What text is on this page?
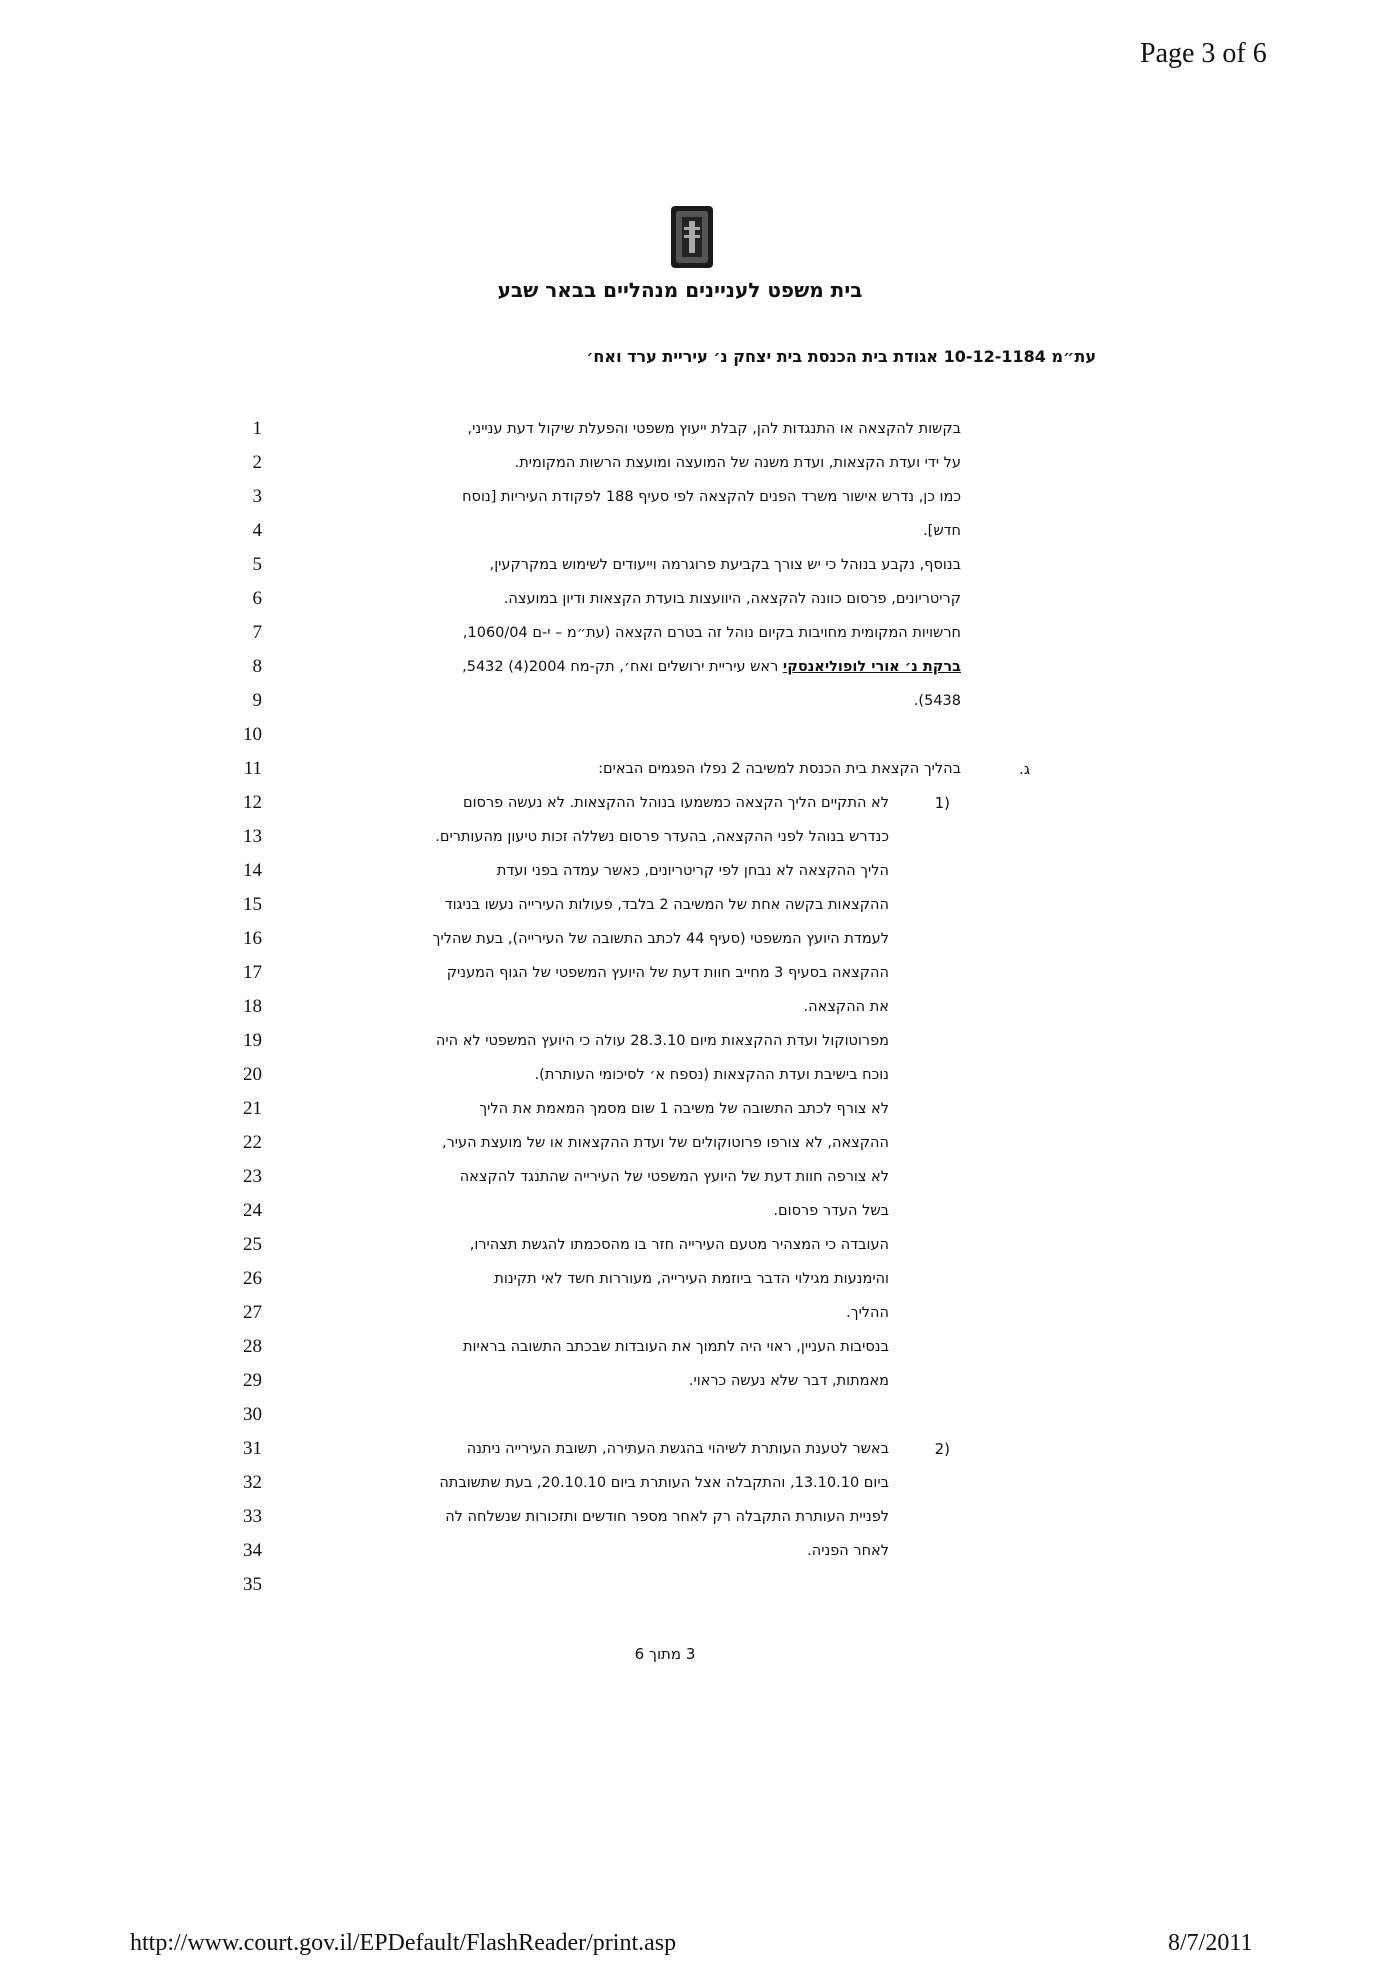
Page 3 of 6
בית משפט לעניינים מנהליים בבאר שבע
עת״מ 10-12-1184 אגודת בית הכנסת בית יצחק נ׳ עיריית ערד ואח׳
1
2
3
4
5
6
7
8
9
10
11
12
13
14
15
16
17
18
19
20
21
22
23
24
25
26
27
28
29
30
31
32
33
34
35
בקשות להקצאה או התנגדות להן, קבלת ייעוץ משפטי והפעלת שיקול דעת ענייני,
על ידי ועדת הקצאות, ועדת משנה של המועצה ומועצת הרשות המקומית.
כמו כן, נדרש אישור משרד הפנים להקצאה לפי סעיף 188 לפקודת העיריות [נוסח
חדש].
בנוסף, נקבע בנוהל כי יש צורך בקביעת פרוגרמה וייעודים לשימוש במקרקעין,
קריטריונים, פרסום כוונה להקצאה, היוועצות בועדת הקצאות ודיון במועצה.
חרשויות המקומית מחויבות בקיום נוהל זה בטרם הקצאה (עת״מ – י-ם 1060/04,
ברקת נ׳ אורי לופוליאנסקי ראש עיריית ירושלים ואח׳, תק-מח 2004(4) 5432,
5438).
ג.
בהליך הקצאת בית הכנסת למשיבה 2 נפלו הפגמים הבאים:
(1
לא התקיים הליך הקצאה כמשמעו בנוהל ההקצאות. לא נעשה פרסום
כנדרש בנוהל לפני ההקצאה, בהעדר פרסום נשללה זכות טיעון מהעותרים.
הליך ההקצאה לא נבחן לפי קריטריונים, כאשר עמדה בפני ועדת
ההקצאות בקשה אחת של המשיבה 2 בלבד, פעולות העירייה נעשו בניגוד
לעמדת היועץ המשפטי (סעיף 44 לכתב התשובה של העירייה), בעת שהליך
ההקצאה בסעיף 3 מחייב חוות דעת של היועץ המשפטי של הגוף המעניק
את ההקצאה.
מפרוטוקול ועדת ההקצאות מיום 28.3.10 עולה כי היועץ המשפטי לא היה
נוכח בישיבת ועדת ההקצאות (נספח א׳ לסיכומי העותרת).
לא צורף לכתב התשובה של משיבה 1 שום מסמך המאמת את הליך
ההקצאה, לא צורפו פרוטוקולים של ועדת ההקצאות או של מועצת העיר,
לא צורפה חוות דעת של היועץ המשפטי של העירייה שהתנגד להקצאה
בשל העדר פרסום.
העובדה כי המצהיר מטעם העירייה חזר בו מהסכמתו להגשת תצהירו,
והימנעות מגילוי הדבר ביוזמת העירייה, מעוררות חשד לאי תקינות
ההליך.
בנסיבות העניין, ראוי היה לתמוך את העובדות שבכתב התשובה בראיות
מאמתות, דבר שלא נעשה כראוי.
(2
באשר לטענת העותרת לשיהוי בהגשת העתירה, תשובת העירייה ניתנה
ביום 13.10.10, והתקבלה אצל העותרת ביום 20.10.10, בעת שתשובתה
לפניית העותרת התקבלה רק לאחר מספר חודשים ותזכורות שנשלחה לה
לאחר הפניה.
3 מתוך 6
http://www.court.gov.il/EPDefault/FlashReader/print.asp	8/7/2011
